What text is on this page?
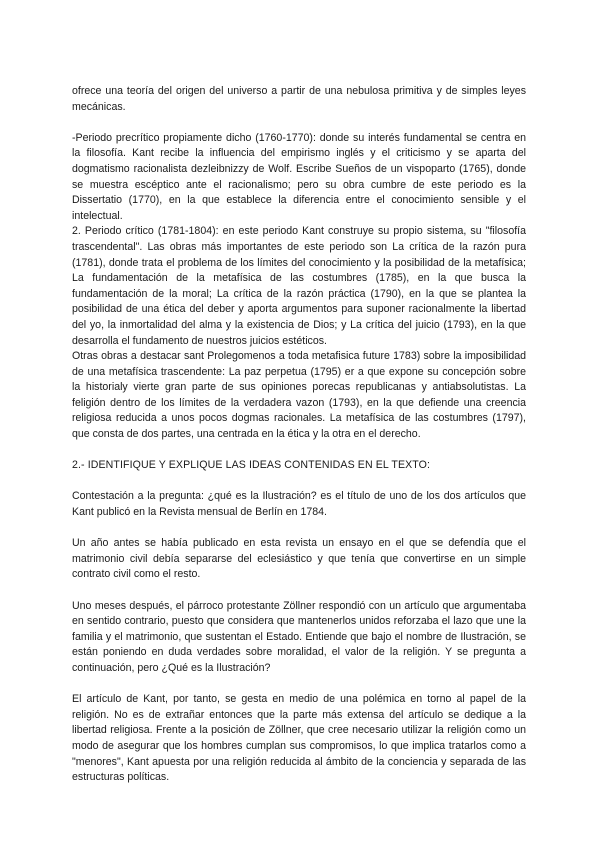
ofrece una teoría del origen del universo a partir de una nebulosa primitiva y de simples leyes mecánicas.

-Periodo precrítico propiamente dicho (1760-1770): donde su interés fundamental se centra en la filosofía. Kant recibe la influencia del empirismo inglés y el criticismo y se aparta del dogmatismo racionalista dezleibnizzy de Wolf. Escribe Sueños de un vispoparto (1765), donde se muestra escéptico ante el racionalismo; pero su obra cumbre de este periodo es la Dissertatio (1770), en la que establece la diferencia entre el conocimiento sensible y el intelectual.

2. Periodo crítico (1781-1804): en este periodo Kant construye su propio sistema, su "filosofía trascendental". Las obras más importantes de este periodo son La crítica de la razón pura (1781), donde trata el problema de los límites del conocimiento y la posibilidad de la metafísica; La fundamentación de la metafísica de las costumbres (1785), en la que busca la fundamentación de la moral; La crítica de la razón práctica (1790), en la que se plantea la posibilidad de una ética del deber y aporta argumentos para suponer racionalmente la libertad del yo, la inmortalidad del alma y la existencia de Dios; y La crítica del juicio (1793), en la que desarrolla el fundamento de nuestros juicios estéticos.

Otras obras a destacar sant Prolegomenos a toda metafisica future 1783) sobre la imposibilidad de una metafísica trascendente: La paz perpetua (1795) er a que expone su concepción sobre la historialy vierte gran parte de sus opiniones porecas republicanas y antiabsolutistas. La feligión dentro de los límites de la verdadera vazon (1793), en la que defiende una creencia religiosa reducida a unos pocos dogmas racionales. La metafísica de las costumbres (1797), que consta de dos partes, una centrada en la ética y la otra en el derecho.

2.- IDENTIFIQUE Y EXPLIQUE LAS IDEAS CONTENIDAS EN EL TEXTO:

Contestación a la pregunta: ¿qué es la Ilustración? es el título de uno de los dos artículos que Kant publicó en la Revista mensual de Berlín en 1784.

Un año antes se había publicado en esta revista un ensayo en el que se defendía que el matrimonio civil debía separarse del eclesiástico y que tenía que convertirse en un simple contrato civil como el resto.

Uno meses después, el párroco protestante Zöllner respondió con un artículo que argumentaba en sentido contrario, puesto que considera que mantenerlos unidos reforzaba el lazo que une la familia y el matrimonio, que sustentan el Estado. Entiende que bajo el nombre de Ilustración, se están poniendo en duda verdades sobre moralidad, el valor de la religión. Y se pregunta a continuación, pero ¿Qué es la Ilustración?

El artículo de Kant, por tanto, se gesta en medio de una polémica en torno al papel de la religión. No es de extrañar entonces que la parte más extensa del artículo se dedique a la libertad religiosa. Frente a la posición de Zöllner, que cree necesario utilizar la religión como un modo de asegurar que los hombres cumplan sus compromisos, lo que implica tratarlos como a "menores", Kant apuesta por una religión reducida al ámbito de la conciencia y separada de las estructuras políticas.
